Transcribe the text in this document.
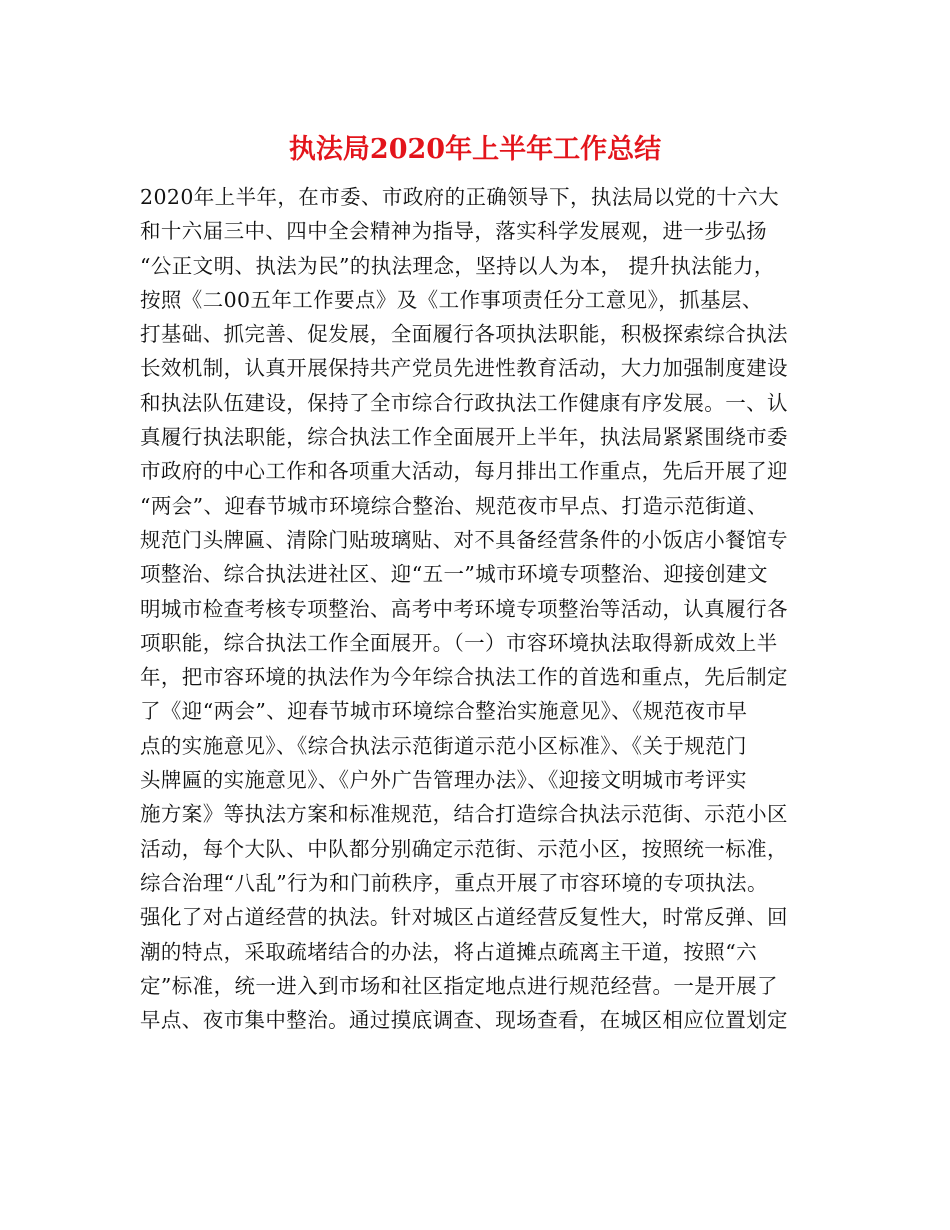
执法局2020年上半年工作总结
2020年上半年，在市委、市政府的正确领导下，执法局以党的十六大
和十六届三中、四中全会精神为指导，落实科学发展观，进一步弘扬
“公正文明、执法为民”的执法理念，坚持以人为本， 提升执法能力，
按照《二00五年工作要点》及《工作事项责任分工意见》，抓基层、
打基础、抓完善、促发展，全面履行各项执法职能，积极探索综合执法
长效机制，认真开展保持共产党员先进性教育活动，大力加强制度建设
和执法队伍建设，保持了全市综合行政执法工作健康有序发展。一、认
真履行执法职能，综合执法工作全面展开上半年，执法局紧紧围绕市委
市政府的中心工作和各项重大活动，每月排出工作重点，先后开展了迎
“两会”、迎春节城市环境综合整治、规范夜市早点、打造示范街道、
规范门头牌匾、清除门贴玻璃贴、对不具备经营条件的小饭店小餐馆专
项整治、综合执法进社区、迎“五一”城市环境专项整治、迎接创建文
明城市检查考核专项整治、高考中考环境专项整治等活动，认真履行各
项职能，综合执法工作全面展开。（一）市容环境执法取得新成效上半
年，把市容环境的执法作为今年综合执法工作的首选和重点，先后制定
了《迎“两会”、迎春节城市环境综合整治实施意见》、《规范夜市早
点的实施意见》、《综合执法示范街道示范小区标准》、《关于规范门
头牌匾的实施意见》、《户外广告管理办法》、《迎接文明城市考评实
施方案》等执法方案和标准规范，结合打造综合执法示范街、示范小区
活动，每个大队、中队都分别确定示范街、示范小区，按照统一标准，
综合治理“八乱”行为和门前秩序，重点开展了市容环境的专项执法。
强化了对占道经营的执法。针对城区占道经营反复性大，时常反弹、回
潮的特点，采取疏堵结合的办法，将占道摊点疏离主干道，按照“六
定”标准，统一进入到市场和社区指定地点进行规范经营。一是开展了
早点、夜市集中整治。通过摸底调查、现场查看，在城区相应位置划定
